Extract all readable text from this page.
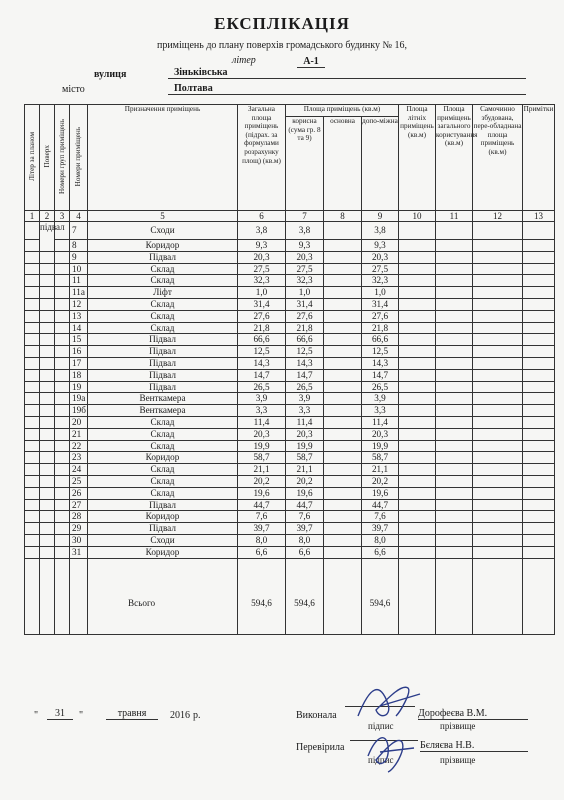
ЕКСПЛІКАЦІЯ
приміщень до плану поверхів громадського будинку № 16,
літер	А-1
вулиця	Зіньківська
місто	Полтава
Літер за планом	Поверх	Номери груп приміщень	Номери приміщень	Призначення приміщень	Загальна площа приміщень (підрах. за формулами розрахунку площ) (кв.м)	Площа приміщень (кв.м)			Площа літніх приміщень (кв.м)	Площа приміщень загального користування (кв.м)	Самочинно збудована, пере-обладнана площа приміщень (кв.м)	Примітки
						корисна (сума гр. 8 та 9)	основна	допо-міжна				
1	2	3	4	5	6	7	8	9	10	11	12	13
	підвал		7	Сходи	3,8	3,8		3,8				
			8	Коридор	9,3	9,3		9,3				
			9	Підвал	20,3	20,3		20,3				
			10	Склад	27,5	27,5		27,5				
			11	Склад	32,3	32,3		32,3				
			11а	Ліфт	1,0	1,0		1,0				
			12	Склад	31,4	31,4		31,4				
			13	Склад	27,6	27,6		27,6				
			14	Склад	21,8	21,8		21,8				
			15	Підвал	66,6	66,6		66,6				
			16	Підвал	12,5	12,5		12,5				
			17	Підвал	14,3	14,3		14,3				
			18	Підвал	14,7	14,7		14,7				
			19	Підвал	26,5	26,5		26,5				
			19а	Венткамера	3,9	3,9		3,9				
			19б	Венткамера	3,3	3,3		3,3				
			20	Склад	11,4	11,4		11,4				
			21	Склад	20,3	20,3		20,3				
			22	Склад	19,9	19,9		19,9				
			23	Коридор	58,7	58,7		58,7				
			24	Склад	21,1	21,1		21,1				
			25	Склад	20,2	20,2		20,2				
			26	Склад	19,6	19,6		19,6				
			27	Підвал	44,7	44,7		44,7				
			28	Коридор	7,6	7,6		7,6				
			29	Підвал	39,7	39,7		39,7				
			30	Сходи	8,0	8,0		8,0				
			31	Коридор	6,6	6,6		6,6				

				Всього	594,6	594,6		594,6				

"	31	"	травня	2016 р.	Виконала	Дорофеєва В.М.
підпис	прізвище
Перевірила	Бєляєва Н.В.
підпис	прізвище
